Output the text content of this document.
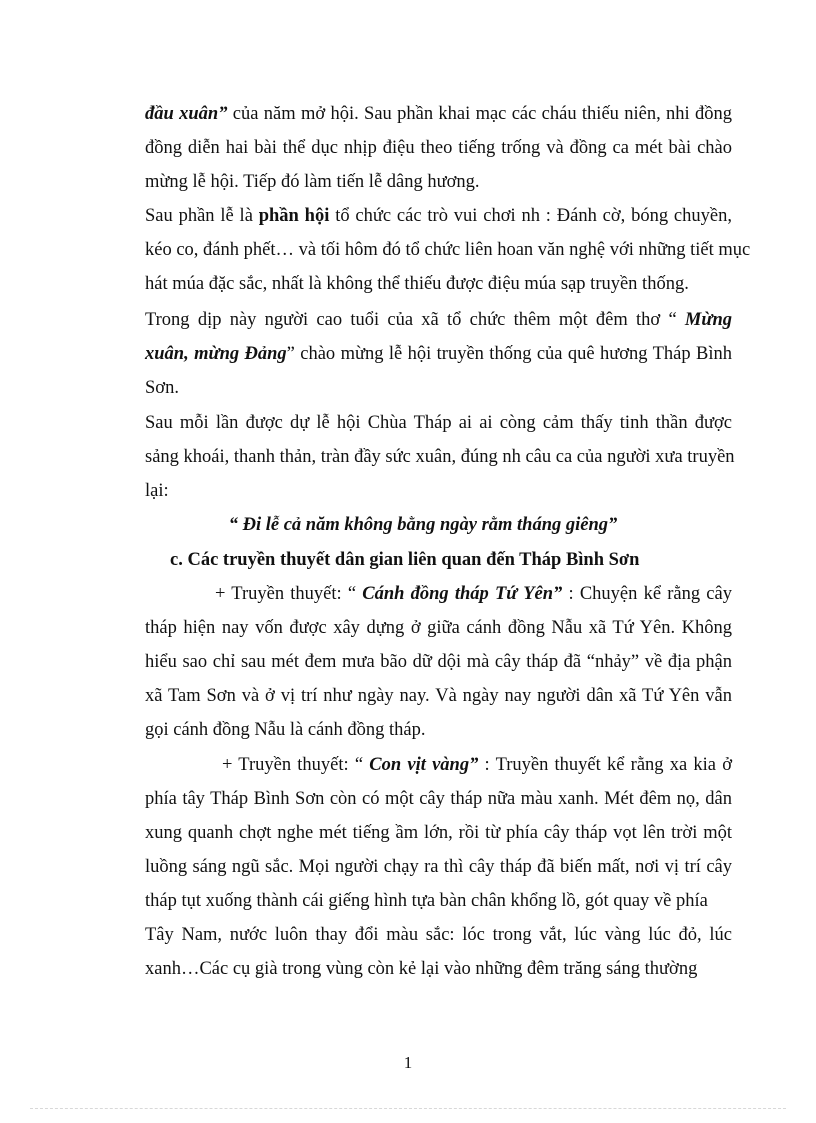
đầu xuân” của năm mở hội. Sau phần khai mạc các cháu thiếu niên, nhi đồng
đồng diễn hai bài thể dục nhịp điệu theo tiếng trống và đồng ca mét bài chào
mừng lễ hội. Tiếp đó làm tiến lễ dâng hương.
Sau phần lễ là phần hội tổ chức các trò vui chơi nh : Đánh cờ, bóng chuyền,
kéo co, đánh phết… và tối hôm đó tổ chức liên hoan văn nghệ với những tiết mục
hát múa đặc sắc, nhất là không thể thiếu được điệu múa sạp truyền thống.
Trong dịp này người cao tuổi của xã tổ chức thêm một đêm thơ “ Mừng
xuân, mừng Đảng” chào mừng lễ hội truyền thống của quê hương Tháp Bình
Sơn.
Sau mỗi lần được dự lễ hội Chùa Tháp ai ai còng cảm thấy tinh thần được
sảng khoái, thanh thản, tràn đầy sức xuân, đúng nh câu ca của người xưa truyền
lại:
“ Đi lễ cả năm không bằng ngày rằm tháng giêng”
c. Các truyền thuyết dân gian liên quan đến Tháp Bình Sơn
+ Truyền thuyết: “ Cánh đồng tháp Tứ Yên” : Chuyện kể rằng cây
tháp hiện nay vốn được xây dựng ở giữa cánh đồng Nẫu xã Tứ Yên. Không
hiểu sao chỉ sau mét đem mưa bão dữ dội mà cây tháp đã “nhảy” về địa phận
xã Tam Sơn và ở vị trí như ngày nay. Và ngày nay người dân xã Tứ Yên vẫn
gọi cánh đồng Nẫu là cánh đồng tháp.
+ Truyền thuyết: “ Con vịt vàng” : Truyền thuyết kể rằng xa kia ở
phía tây Tháp Bình Sơn còn có một cây tháp nữa màu xanh. Mét đêm nọ, dân
xung quanh chợt nghe mét tiếng ầm lớn, rồi từ phía cây tháp vọt lên trời một
luồng sáng ngũ sắc. Mọi người chạy ra thì cây tháp đã biến mất, nơi vị trí cây
tháp tụt xuống thành cái giếng hình tựa bàn chân khổng lồ, gót quay về phía
Tây Nam, nước luôn thay đổi màu sắc: lóc trong vắt, lúc vàng lúc đỏ, lúc
xanh…Các cụ già trong vùng còn kẻ lại vào những đêm trăng sáng thường
1
